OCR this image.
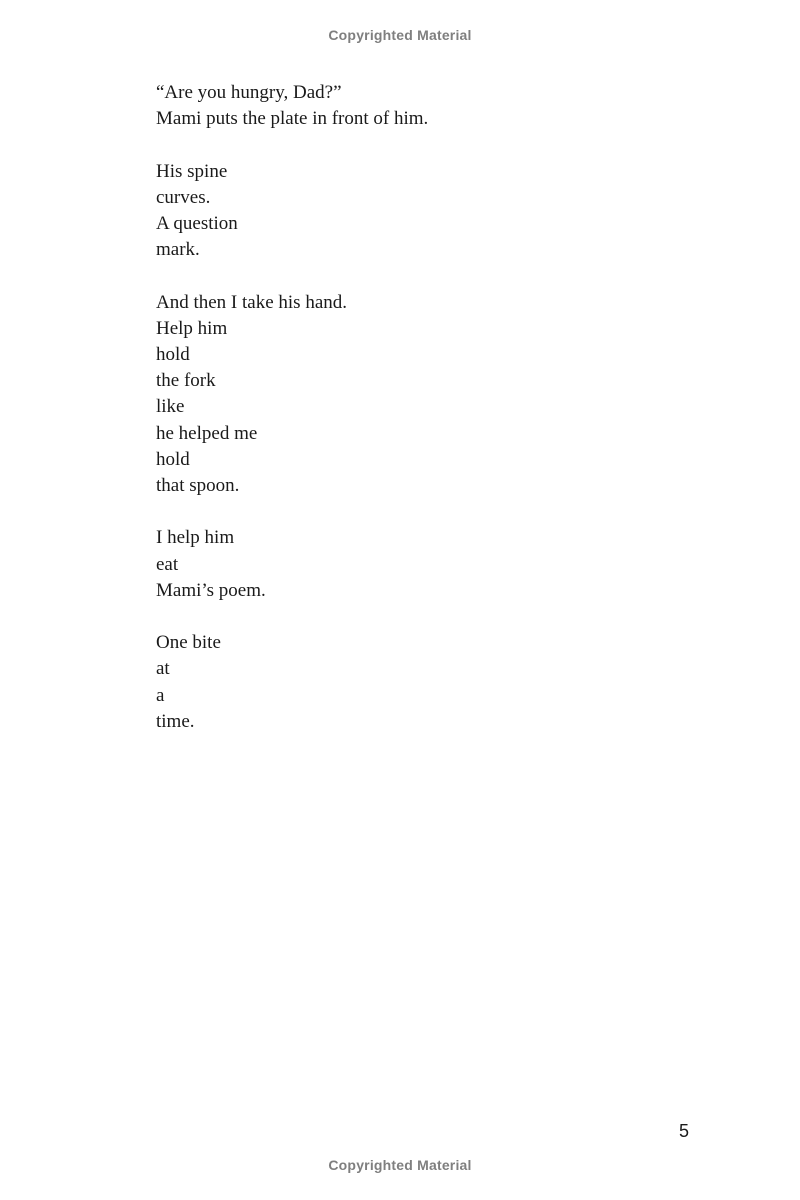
Copyrighted Material
“Are you hungry, Dad?”
Mami puts the plate in front of him.
His spine
curves.
A question
mark.
And then I take his hand.
Help him
hold
the fork
like
he helped me
hold
that spoon.
I help him
eat
Mami’s poem.
One bite
at
a
time.
5
Copyrighted Material
